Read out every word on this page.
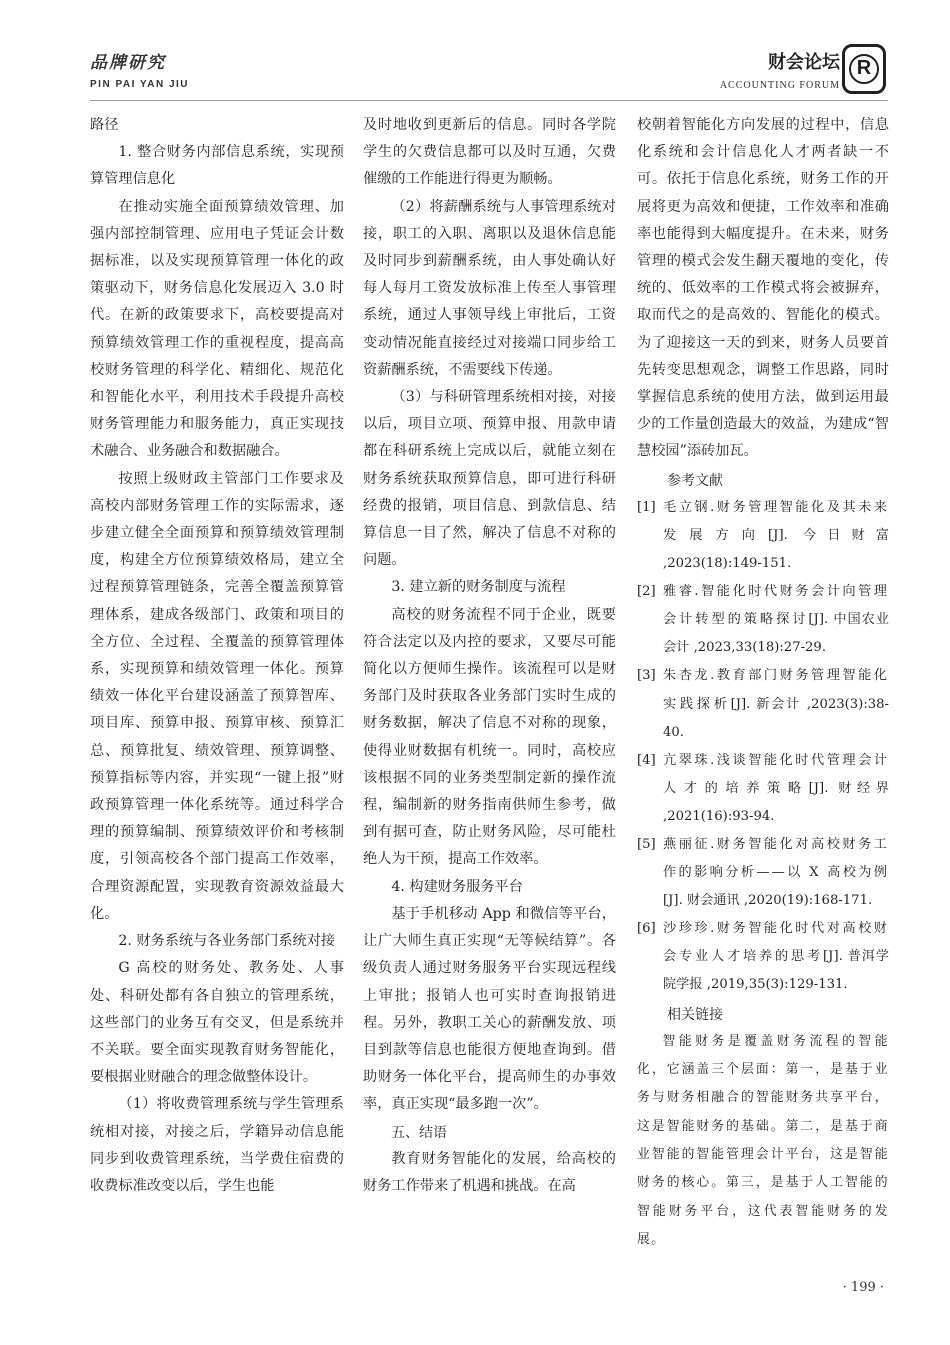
品牌研究
PIN PAI YAN JIU
财会论坛
ACCOUNTING FORUM
R

路径

1. 整合财务内部信息系统，实现预算管理信息化

在推动实施全面预算绩效管理、加强内部控制管理、应用电子凭证会计数据标准，以及实现预算管理一体化的政策驱动下，财务信息化发展迈入 3.0 时代。在新的政策要求下，高校要提高对预算绩效管理工作的重视程度，提高高校财务管理的科学化、精细化、规范化和智能化水平，利用技术手段提升高校财务管理能力和服务能力，真正实现技术融合、业务融合和数据融合。

按照上级财政主管部门工作要求及高校内部财务管理工作的实际需求，逐步建立健全全面预算和预算绩效管理制度，构建全方位预算绩效格局，建立全过程预算管理链条，完善全覆盖预算管理体系，建成各级部门、政策和项目的全方位、全过程、全覆盖的预算管理体系，实现预算和绩效管理一体化。预算绩效一体化平台建设涵盖了预算智库、项目库、预算申报、预算审核、预算汇总、预算批复、绩效管理、预算调整、预算指标等内容，并实现“一键上报”财政预算管理一体化系统等。通过科学合理的预算编制、预算绩效评价和考核制度，引领高校各个部门提高工作效率，合理资源配置，实现教育资源效益最大化。

2. 财务系统与各业务部门系统对接

G 高校的财务处、教务处、人事处、科研处都有各自独立的管理系统，这些部门的业务互有交叉，但是系统并不关联。要全面实现教育财务智能化，要根据业财融合的理念做整体设计。

（1）将收费管理系统与学生管理系统相对接，对接之后，学籍异动信息能同步到收费管理系统，当学费住宿费的收费标准改变以后，学生也能

及时地收到更新后的信息。同时各学院学生的欠费信息都可以及时互通，欠费催缴的工作能进行得更为顺畅。

（2）将薪酬系统与人事管理系统对接，职工的入职、离职以及退休信息能及时同步到薪酬系统，由人事处确认好每人每月工资发放标准上传至人事管理系统，通过人事领导线上审批后，工资变动情况能直接经过对接端口同步给工资薪酬系统，不需要线下传递。

（3）与科研管理系统相对接，对接以后，项目立项、预算申报、用款申请都在科研系统上完成以后，就能立刻在财务系统获取预算信息，即可进行科研经费的报销，项目信息、到款信息、结算信息一目了然，解决了信息不对称的问题。

3. 建立新的财务制度与流程

高校的财务流程不同于企业，既要符合法定以及内控的要求，又要尽可能简化以方便师生操作。该流程可以是财务部门及时获取各业务部门实时生成的财务数据，解决了信息不对称的现象，使得业财数据有机统一。同时，高校应该根据不同的业务类型制定新的操作流程，编制新的财务指南供师生参考，做到有据可查，防止财务风险，尽可能杜绝人为干预，提高工作效率。

4. 构建财务服务平台

基于手机移动 App 和微信等平台，让广大师生真正实现“无等候结算”。各级负责人通过财务服务平台实现远程线上审批；报销人也可实时查询报销进程。另外，教职工关心的薪酬发放、项目到款等信息也能很方便地查询到。借助财务一体化平台，提高师生的办事效率，真正实现“最多跑一次”。

五、结语

教育财务智能化的发展，给高校的财务工作带来了机遇和挑战。在高

校朝着智能化方向发展的过程中，信息化系统和会计信息化人才两者缺一不可。依托于信息化系统，财务工作的开展将更为高效和便捷，工作效率和准确率也能得到大幅度提升。在未来，财务管理的模式会发生翻天覆地的变化，传统的、低效率的工作模式将会被摒弃，取而代之的是高效的、智能化的模式。为了迎接这一天的到来，财务人员要首先转变思想观念，调整工作思路，同时掌握信息系统的使用方法，做到运用最少的工作量创造最大的效益，为建成“智慧校园”添砖加瓦。

参考文献
[1] 毛立钢.财务管理智能化及其未来发展方向[J]. 今日财富 ,2023(18):149-151.
[2] 雅睿.智能化时代财务会计向管理会计转型的策略探讨[J]. 中国农业会计 ,2023,33(18):27-29.
[3] 朱杏龙.教育部门财务管理智能化实践探析[J]. 新会计 ,2023(3):38-40.
[4] 亢翠珠.浅谈智能化时代管理会计人才的培养策略[J]. 财经界 ,2021(16):93-94.
[5] 燕丽征.财务智能化对高校财务工作的影响分析——以 X 高校为例[J]. 财会通讯 ,2020(19):168-171.
[6] 沙珍珍.财务智能化时代对高校财会专业人才培养的思考[J]. 普洱学院学报 ,2019,35(3):129-131.
相关链接
智能财务是覆盖财务流程的智能化，它涵盖三个层面：第一，是基于业务与财务相融合的智能财务共享平台，这是智能财务的基础。第二，是基于商业智能的智能管理会计平台，这是智能财务的核心。第三，是基于人工智能的智能财务平台，这代表智能财务的发展。
· 199 ·
